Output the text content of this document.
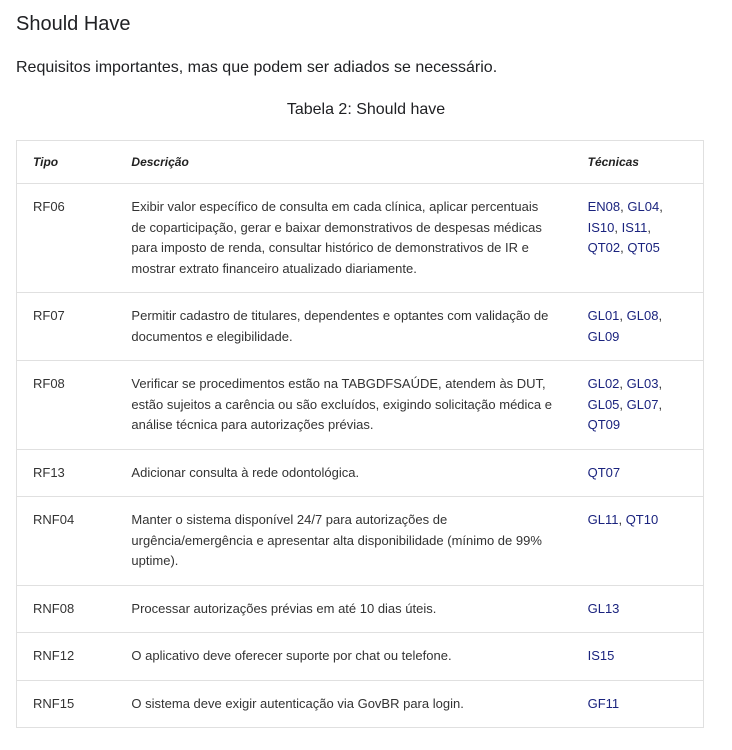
Should Have

Requisitos importantes, mas que podem ser adiados se necessário.

Tabela 2: Should have
Tipo	Descrição	Técnicas
RF06	Exibir valor específico de consulta em cada clínica, aplicar percentuais de coparticipação, gerar e baixar demonstrativos de despesas médicas para imposto de renda, consultar histórico de demonstrativos de IR e mostrar extrato financeiro atualizado diariamente.	EN08, GL04, IS10, IS11, QT02, QT05
RF07	Permitir cadastro de titulares, dependentes e optantes com validação de documentos e elegibilidade.	GL01, GL08, GL09
RF08	Verificar se procedimentos estão na TABGDFSAÚDE, atendem às DUT, estão sujeitos a carência ou são excluídos, exigindo solicitação médica e análise técnica para autorizações prévias.	GL02, GL03, GL05, GL07, QT09
RF13	Adicionar consulta à rede odontológica.	QT07
RNF04	Manter o sistema disponível 24/7 para autorizações de urgência/emergência e apresentar alta disponibilidade (mínimo de 99% uptime).	GL11, QT10
RNF08	Processar autorizações prévias em até 10 dias úteis.	GL13
RNF12	O aplicativo deve oferecer suporte por chat ou telefone.	IS15
RNF15	O sistema deve exigir autenticação via GovBR para login.	GF11
